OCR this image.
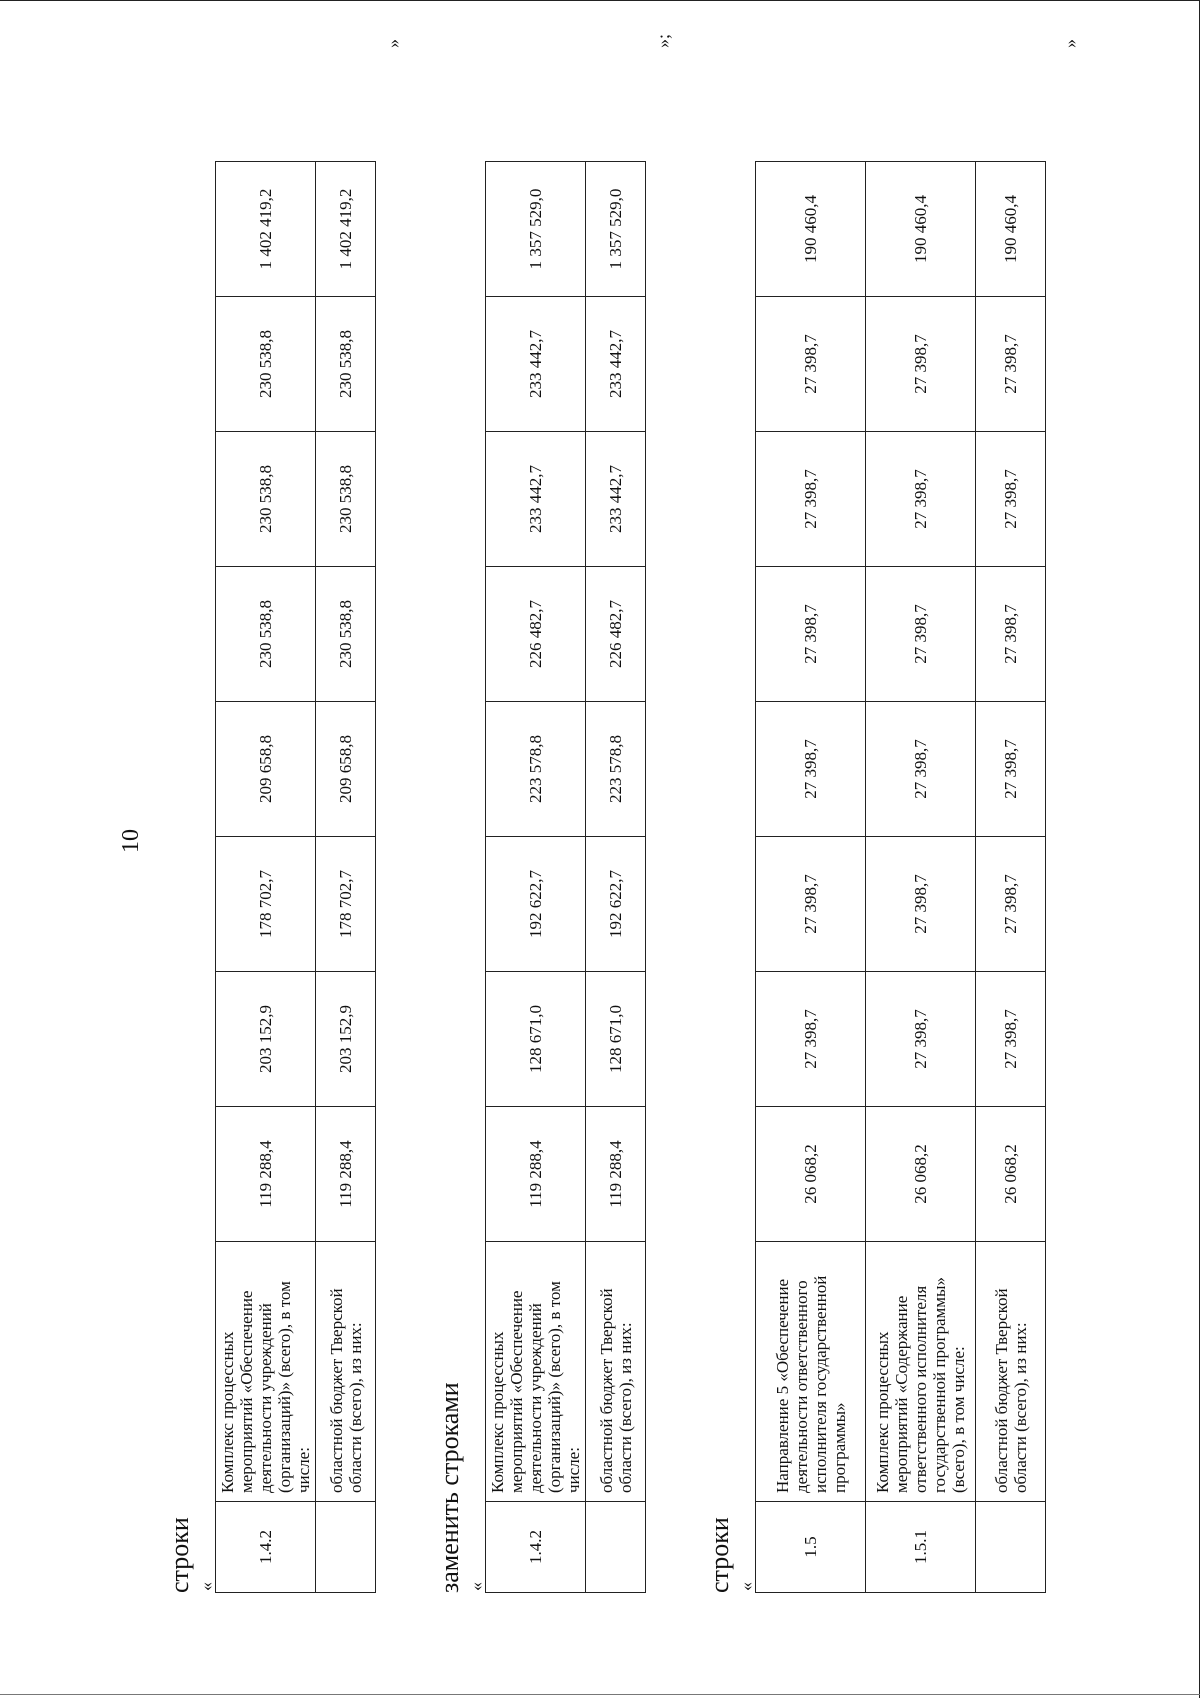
10
строки «
1.4.2	Комплекс процессных мероприятий «Обеспечение деятельности учреждений (организаций)» (всего), в том числе:	119 288,4	203 152,9	178 702,7	209 658,8	230 538,8	230 538,8	230 538,8	1 402 419,2
	областной бюджет Тверской области (всего), из них:	119 288,4	203 152,9	178 702,7	209 658,8	230 538,8	230 538,8	230 538,8	1 402 419,2
»
заменить строками «
1.4.2	Комплекс процессных мероприятий «Обеспечение деятельности учреждений (организаций)» (всего), в том числе:	119 288,4	128 671,0	192 622,7	223 578,8	226 482,7	233 442,7	233 442,7	1 357 529,0
	областной бюджет Тверской области (всего), из них:	119 288,4	128 671,0	192 622,7	223 578,8	226 482,7	233 442,7	233 442,7	1 357 529,0
»;
строки «
1.5	Направление 5 «Обеспечение деятельности ответственного исполнителя государственной программы»	26 068,2	27 398,7	27 398,7	27 398,7	27 398,7	27 398,7	27 398,7	190 460,4
1.5.1	Комплекс процессных мероприятий «Содержание ответственного исполнителя государственной программы» (всего), в том числе:	26 068,2	27 398,7	27 398,7	27 398,7	27 398,7	27 398,7	27 398,7	190 460,4
	областной бюджет Тверской области (всего), из них:	26 068,2	27 398,7	27 398,7	27 398,7	27 398,7	27 398,7	27 398,7	190 460,4
»
